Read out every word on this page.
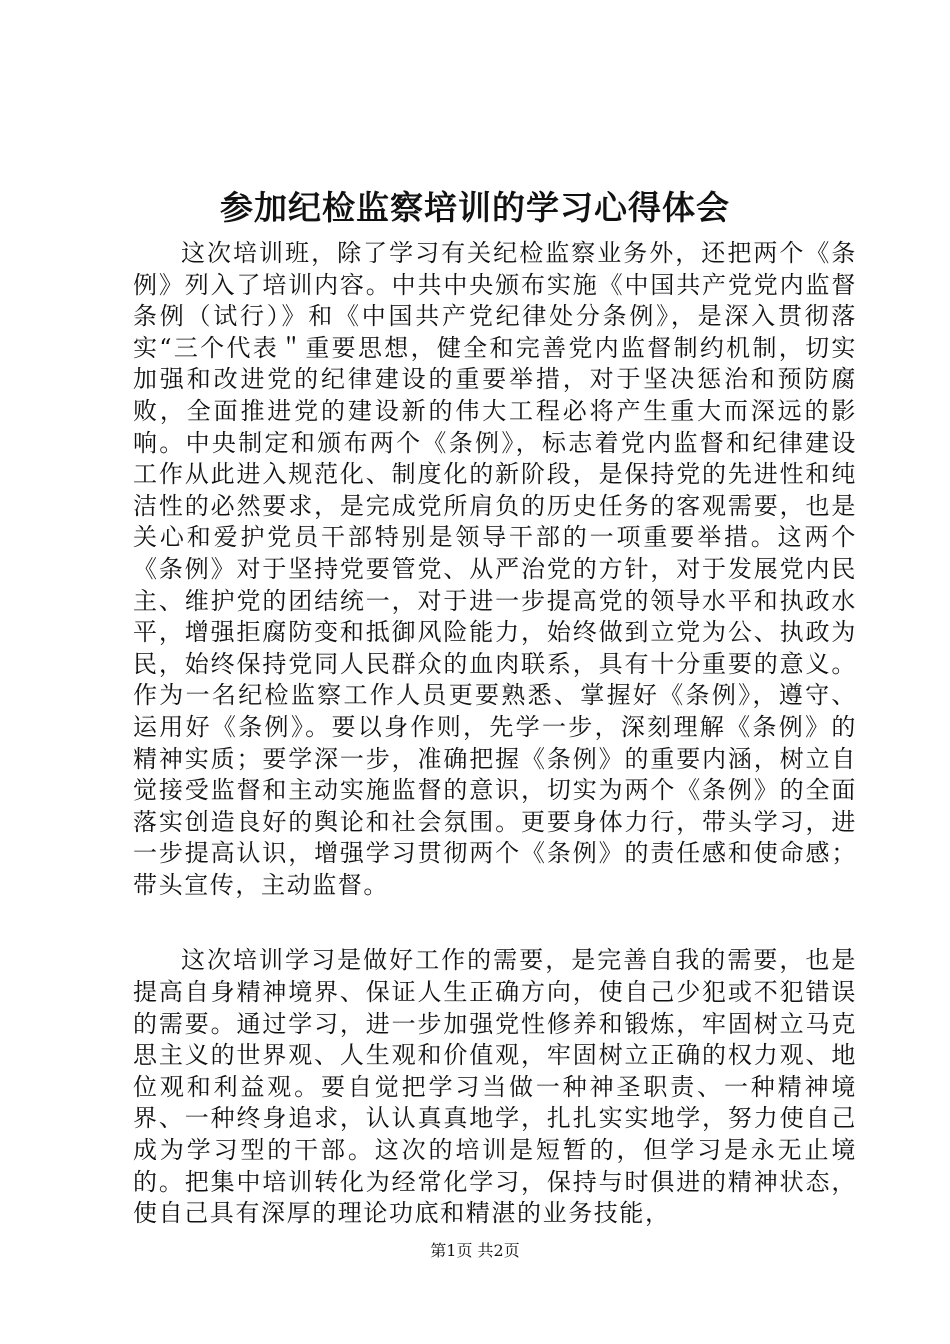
参加纪检监察培训的学习心得体会

这次培训班，除了学习有关纪检监察业务外，还把两个《条例》列入了培训内容。中共中央颁布实施《中国共产党党内监督条例（试行）》和《中国共产党纪律处分条例》，是深入贯彻落实“三个代表＂重要思想，健全和完善党内监督制约机制，切实加强和改进党的纪律建设的重要举措，对于坚决惩治和预防腐败，全面推进党的建设新的伟大工程必将产生重大而深远的影响。中央制定和颁布两个《条例》，标志着党内监督和纪律建设工作从此进入规范化、制度化的新阶段，是保持党的先进性和纯洁性的必然要求，是完成党所肩负的历史任务的客观需要，也是关心和爱护党员干部特别是领导干部的一项重要举措。这两个《条例》对于坚持党要管党、从严治党的方针，对于发展党内民主、维护党的团结统一，对于进一步提高党的领导水平和执政水平，增强拒腐防变和抵御风险能力，始终做到立党为公、执政为民，始终保持党同人民群众的血肉联系，具有十分重要的意义。作为一名纪检监察工作人员更要熟悉、掌握好《条例》，遵守、运用好《条例》。要以身作则，先学一步，深刻理解《条例》的精神实质；要学深一步，准确把握《条例》的重要内涵，树立自觉接受监督和主动实施监督的意识，切实为两个《条例》的全面落实创造良好的舆论和社会氛围。更要身体力行，带头学习，进一步提高认识，增强学习贯彻两个《条例》的责任感和使命感；带头宣传，主动监督。

这次培训学习是做好工作的需要，是完善自我的需要，也是提高自身精神境界、保证人生正确方向，使自己少犯或不犯错误的需要。通过学习，进一步加强党性修养和锻炼，牢固树立马克思主义的世界观、人生观和价值观，牢固树立正确的权力观、地位观和利益观。要自觉把学习当做一种神圣职责、一种精神境界、一种终身追求，认认真真地学，扎扎实实地学，努力使自己成为学习型的干部。这次的培训是短暂的，但学习是永无止境的。把集中培训转化为经常化学习，保持与时俱进的精神状态，使自己具有深厚的理论功底和精湛的业务技能，

第1页 共2页
